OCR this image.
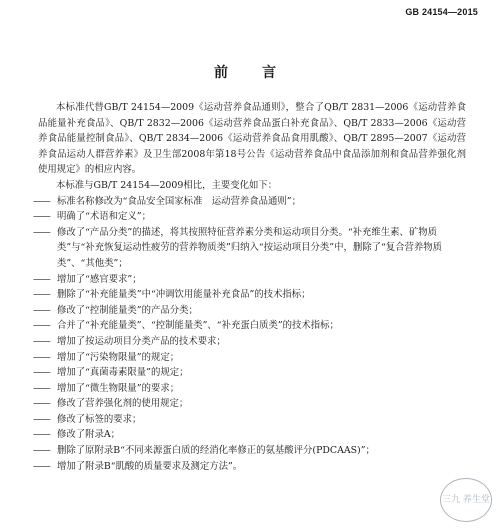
GB 24154—2015
前　言

本标准代替GB/T 24154—2009《运动营养食品通则》，整合了QB/T 2831—2006《运动营养食品能量补充食品》、QB/T 2832—2006《运动营养食品蛋白补充食品》、QB/T 2833—2006《运动营养食品能量控制食品》、QB/T 2834—2006《运动营养食品食用肌酸》、QB/T 2895—2007《运动营养食品运动人群营养素》及卫生部2008年第18号公告《运动营养食品中食品添加剂和食品营养强化剂使用规定》的相应内容。

本标准与GB/T 24154—2009相比，主要变化如下：

—— 标准名称修改为“食品安全国家标准　运动营养食品通则”；
—— 明确了“术语和定义”；
—— 修改了“产品分类”的描述，将其按照特征营养素分类和运动项目分类。“补充维生素、矿物质类”与“补充恢复运动性疲劳的营养物质类”归纳入“按运动项目分类”中，删除了“复合营养物质类”、“其他类”；
—— 增加了“感官要求”；
—— 删除了“补充能量类”中“冲调饮用能量补充食品”的技术指标；
—— 修改了“控制能量类”的产品分类；
—— 合并了“补充能量类”、“控制能量类”、“补充蛋白质类”的技术指标；
—— 增加了按运动项目分类产品的技术要求；
—— 增加了“污染物限量”的规定；
—— 增加了“真菌毒素限量”的规定；
—— 增加了“微生物限量”的要求；
—— 修改了营养强化剂的使用规定；
—— 修改了标签的要求；
—— 修改了附录A；
—— 删除了原附录B“不同来源蛋白质的经消化率修正的氨基酸评分(PDCAAS)”；
—— 增加了附录B“肌酸的质量要求及测定方法”。
三九 养生堂
